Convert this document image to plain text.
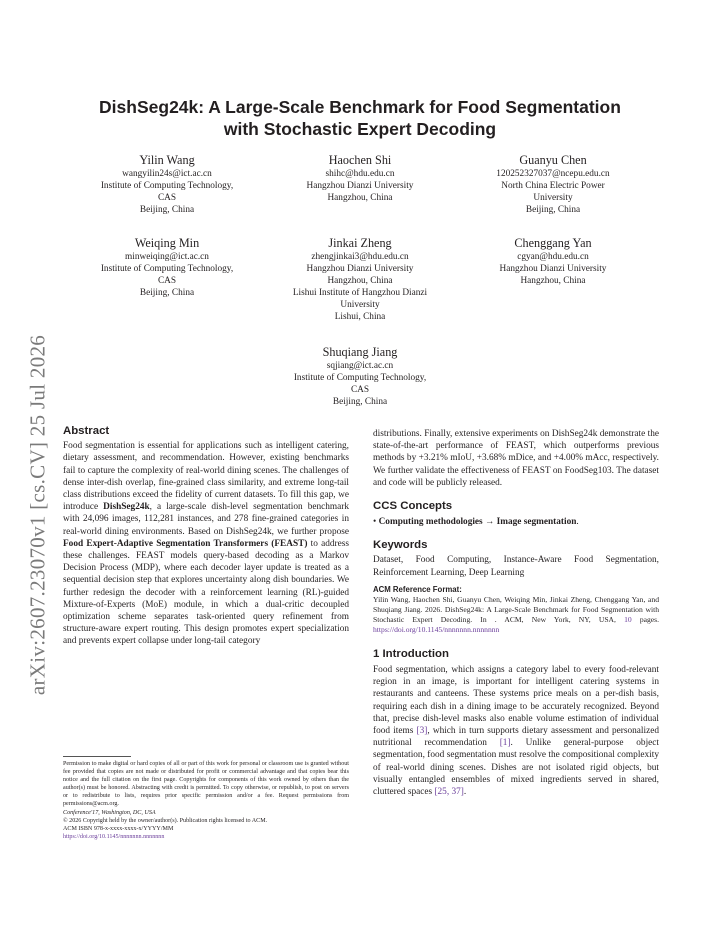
arXiv:2607.23070v1 [cs.CV] 25 Jul 2026
DishSeg24k: A Large-Scale Benchmark for Food Segmentation
with Stochastic Expert Decoding
Yilin Wang
wangyilin24s@ict.ac.cn
Institute of Computing Technology,
CAS
Beijing, China
Haochen Shi
shihc@hdu.edu.cn
Hangzhou Dianzi University
Hangzhou, China
Guanyu Chen
120252327037@ncepu.edu.cn
North China Electric Power
University
Beijing, China
Weiqing Min
minweiqing@ict.ac.cn
Institute of Computing Technology,
CAS
Beijing, China
Jinkai Zheng
zhengjinkai3@hdu.edu.cn
Hangzhou Dianzi University
Hangzhou, China
Lishui Institute of Hangzhou Dianzi
University
Lishui, China
Chenggang Yan
cgyan@hdu.edu.cn
Hangzhou Dianzi University
Hangzhou, China
Shuqiang Jiang
sqjiang@ict.ac.cn
Institute of Computing Technology,
CAS
Beijing, China
Abstract

Food segmentation is essential for applications such as intelligent catering, dietary assessment, and recommendation. However, existing benchmarks fail to capture the complexity of real-world dining scenes. The challenges of dense inter-dish overlap, fine-grained class similarity, and extreme long-tail class distributions exceed the fidelity of current datasets. To fill this gap, we introduce DishSeg24k, a large-scale dish-level segmentation benchmark with 24,096 images, 112,281 instances, and 278 fine-grained categories in real-world dining environments. Based on DishSeg24k, we further propose Food Expert-Adaptive Segmentation Transformers (FEAST) to address these challenges. FEAST models query-based decoding as a Markov Decision Process (MDP), where each decoder layer update is treated as a sequential decision step that explores uncertainty along dish boundaries. We further redesign the decoder with a reinforcement learning (RL)-guided Mixture-of-Experts (MoE) module, in which a dual-critic decoupled optimization scheme separates task-oriented query refinement from structure-aware expert routing. This design promotes expert specialization and prevents expert collapse under long-tail category

distributions. Finally, extensive experiments on DishSeg24k demonstrate the state-of-the-art performance of FEAST, which outperforms previous methods by +3.21% mIoU, +3.68% mDice, and +4.00% mAcc, respectively. We further validate the effectiveness of FEAST on FoodSeg103. The dataset and code will be publicly released.

CCS Concepts
• Computing methodologies → Image segmentation.
Keywords

Dataset, Food Computing, Instance-Aware Food Segmentation, Reinforcement Learning, Deep Learning

ACM Reference Format:

Yilin Wang, Haochen Shi, Guanyu Chen, Weiqing Min, Jinkai Zheng, Chenggang Yan, and Shuqiang Jiang. 2026. DishSeg24k: A Large-Scale Benchmark for Food Segmentation with Stochastic Expert Decoding. In . ACM, New York, NY, USA, 10 pages. https://doi.org/10.1145/nnnnnnn.nnnnnnn

1 Introduction

Food segmentation, which assigns a category label to every food-relevant region in an image, is important for intelligent catering systems in restaurants and canteens. These systems price meals on a per-dish basis, requiring each dish in a dining image to be accurately recognized. Beyond that, precise dish-level masks also enable volume estimation of individual food items [3], which in turn supports dietary assessment and personalized nutritional recommendation [1]. Unlike general-purpose object segmentation, food segmentation must resolve the compositional complexity of real-world dining scenes. Dishes are not isolated rigid objects, but visually entangled ensembles of mixed ingredients served in shared, cluttered spaces [25, 37].

Permission to make digital or hard copies of all or part of this work for personal or classroom use is granted without fee provided that copies are not made or distributed for profit or commercial advantage and that copies bear this notice and the full citation on the first page. Copyrights for components of this work owned by others than the author(s) must be honored. Abstracting with credit is permitted. To copy otherwise, or republish, to post on servers or to redistribute to lists, requires prior specific permission and/or a fee. Request permissions from permissions@acm.org.

Conference'17, Washington, DC, USA

© 2026 Copyright held by the owner/author(s). Publication rights licensed to ACM.

ACM ISBN 978-x-xxxx-xxxx-x/YYYY/MM

https://doi.org/10.1145/nnnnnnn.nnnnnnn
